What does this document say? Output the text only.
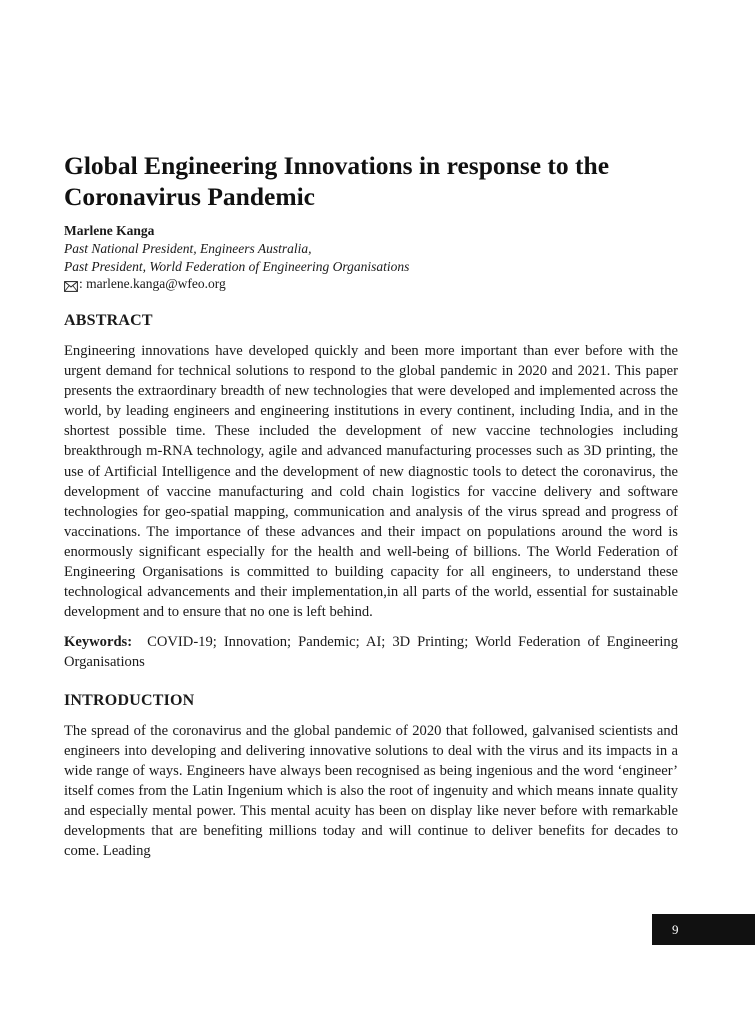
Global Engineering Innovations in response to the Coronavirus Pandemic

Marlene Kanga

Past National President, Engineers Australia,

Past President, World Federation of Engineering Organisations

: marlene.kanga@wfeo.org

ABSTRACT

Engineering innovations have developed quickly and been more important than ever before with the urgent demand for technical solutions to respond to the global pandemic in 2020 and 2021. This paper presents the extraordinary breadth of new technologies that were developed and implemented across the world, by leading engineers and engineering institutions in every continent, including India, and in the shortest possible time. These included the development of new vaccine technologies including breakthrough m-RNA technology, agile and advanced manufacturing processes such as 3D printing, the use of Artificial Intelligence and the development of new diagnostic tools to detect the coronavirus, the development of vaccine manufacturing and cold chain logistics for vaccine delivery and software technologies for geo-spatial mapping, communication and analysis of the virus spread and progress of vaccinations. The importance of these advances and their impact on populations around the word is enormously significant especially for the health and well-being of billions. The World Federation of Engineering Organisations is committed to building capacity for all engineers, to understand these technological advancements and their implementation,in all parts of the world, essential for sustainable development and to ensure that no one is left behind.

Keywords: COVID-19; Innovation; Pandemic; AI; 3D Printing; World Federation of Engineering Organisations

INTRODUCTION

The spread of the coronavirus and the global pandemic of 2020 that followed, galvanised scientists and engineers into developing and delivering innovative solutions to deal with the virus and its impacts in a wide range of ways. Engineers have always been recognised as being ingenious and the word ‘engineer’ itself comes from the Latin Ingenium which is also the root of ingenuity and which means innate quality and especially mental power. This mental acuity has been on display like never before with remarkable developments that are benefiting millions today and will continue to deliver benefits for decades to come. Leading

9
